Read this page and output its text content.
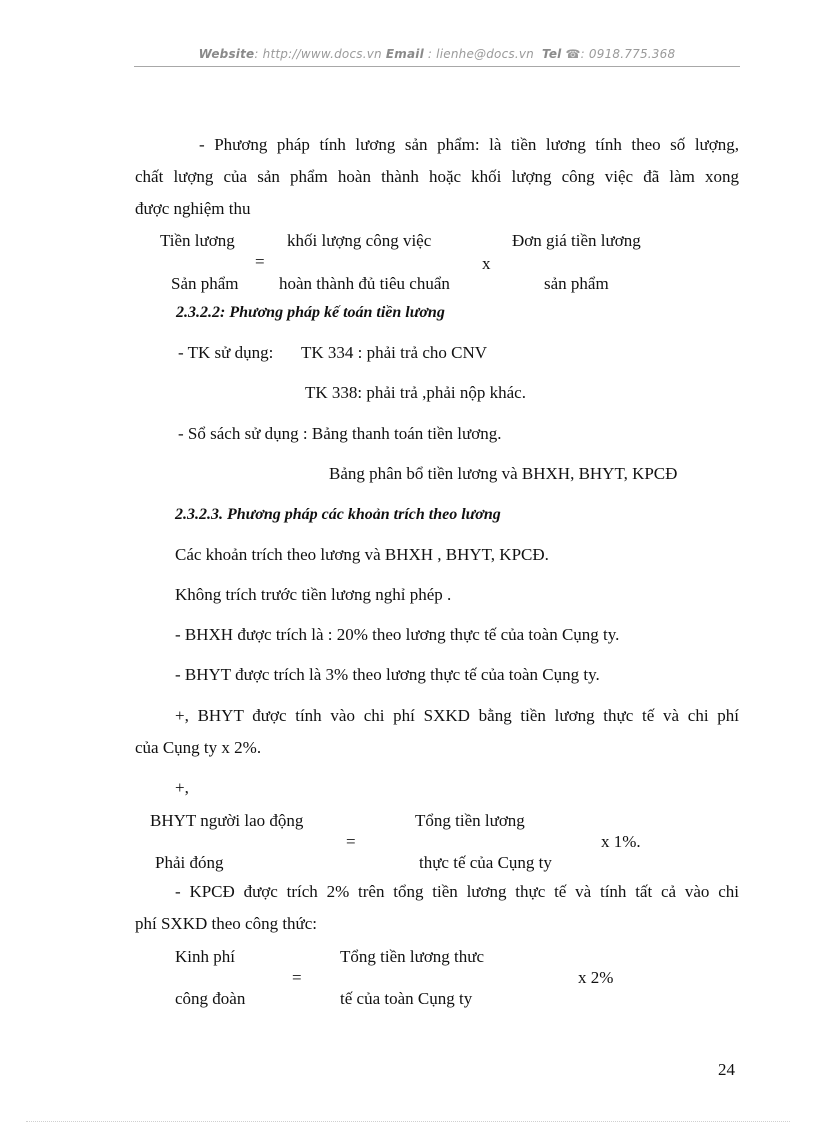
Website: http://www.docs.vn Email : lienhe@docs.vn Tel ☎: 0918.775.368
- Phương pháp tính lương sản phẩm: là tiền lương tính theo số lượng,
chất lượng của sản phẩm hoàn thành hoặc khối lượng công việc đã làm xong
được nghiệm thu
Tiền lương	khối lượng công việc	Đơn giá tiền lương
=	x
Sản phẩm hoàn thành đủ tiêu chuẩn	sản phẩm
2.3.2.2: Phương pháp kế toán tiền lương
- TK sử dụng: TK 334 : phải trả cho CNV
TK 338: phải trả ,phải nộp khác.
- Sổ sách sử dụng : Bảng thanh toán tiền lương.
Bảng phân bổ tiền lương và BHXH, BHYT, KPCĐ
2.3.2.3. Phương pháp các khoản trích theo lương
Các khoản trích theo lương và BHXH , BHYT, KPCĐ.
Không trích trước tiền lương nghỉ phép .
- BHXH được trích là : 20% theo lương thực tế của toàn Cụng ty.
- BHYT được trích là 3% theo lương thực tế của toàn Cụng ty.
+, BHYT được tính vào chi phí SXKD bằng tiền lương thực tế và chi phí
của Cụng ty x 2%.
+,
BHYT người lao động	Tổng tiền lương
=	x 1%.
Phải đóng	thực tế của Cụng ty
- KPCĐ được trích 2% trên tổng tiền lương thực tế và tính tất cả vào chi
phí SXKD theo công thức:
Kinh phí	Tổng tiền lương thưc
=	x 2%
công đoàn	tế của toàn Cụng ty
24
